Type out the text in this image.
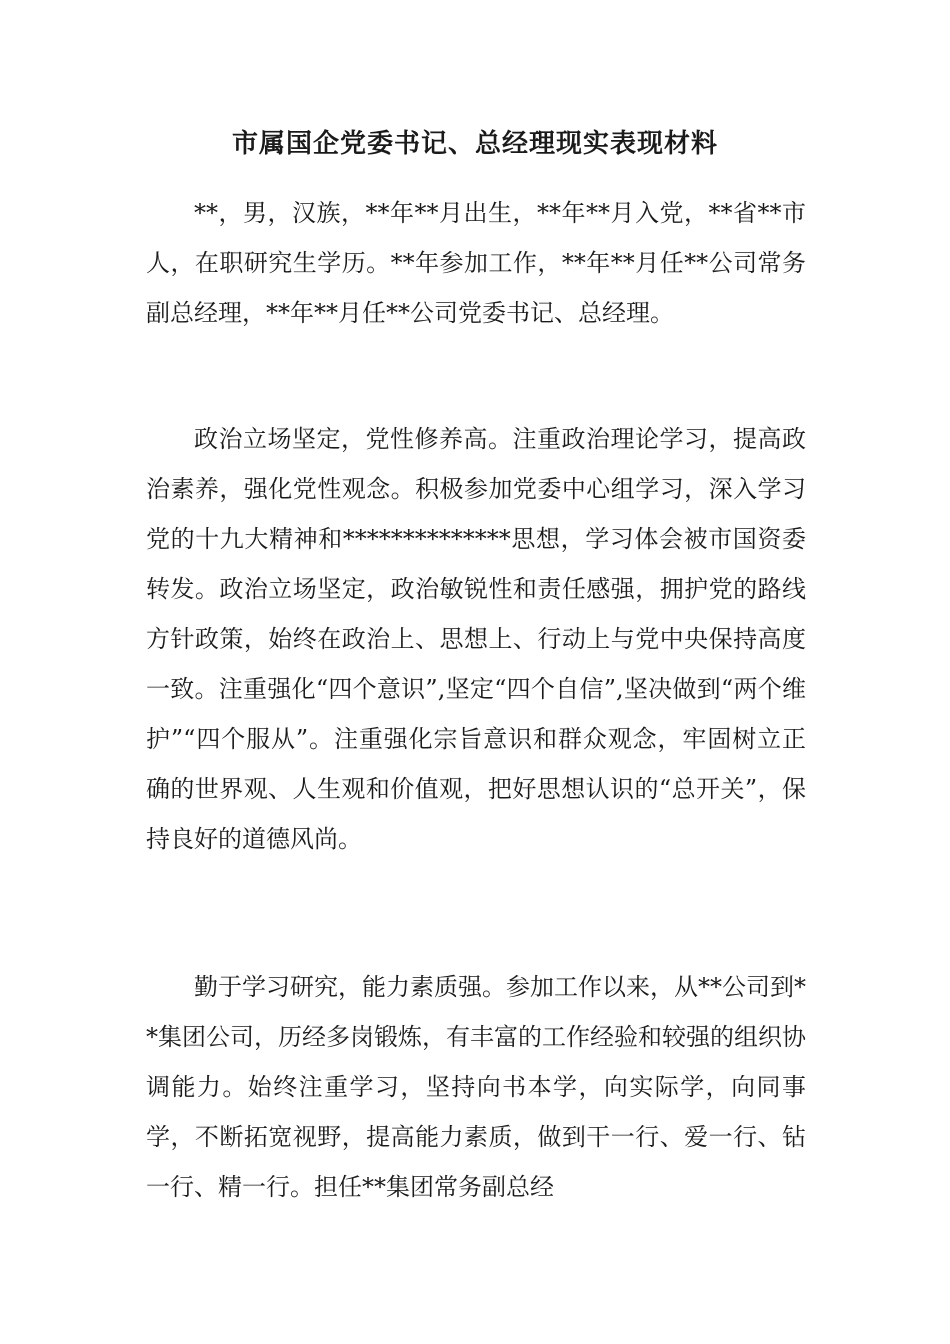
市属国企党委书记、总经理现实表现材料

**，男，汉族，**年**月出生，**年**月入党，**省**市人，在职研究生学历。**年参加工作，**年**月任**公司常务副总经理，**年**月任**公司党委书记、总经理。

政治立场坚定，党性修养高。注重政治理论学习，提高政治素养，强化党性观念。积极参加党委中心组学习，深入学习党的十九大精神和**************思想，学习体会被市国资委转发。政治立场坚定，政治敏锐性和责任感强，拥护党的路线方针政策，始终在政治上、思想上、行动上与党中央保持高度一致。注重强化“四个意识”,坚定“四个自信”,坚决做到“两个维护”“四个服从”。注重强化宗旨意识和群众观念，牢固树立正确的世界观、人生观和价值观，把好思想认识的“总开关”，保持良好的道德风尚。

勤于学习研究，能力素质强。参加工作以来，从**公司到**集团公司，历经多岗锻炼，有丰富的工作经验和较强的组织协调能力。始终注重学习，坚持向书本学，向实际学，向同事学，不断拓宽视野，提高能力素质，做到干一行、爱一行、钻一行、精一行。担任**集团常务副总经
